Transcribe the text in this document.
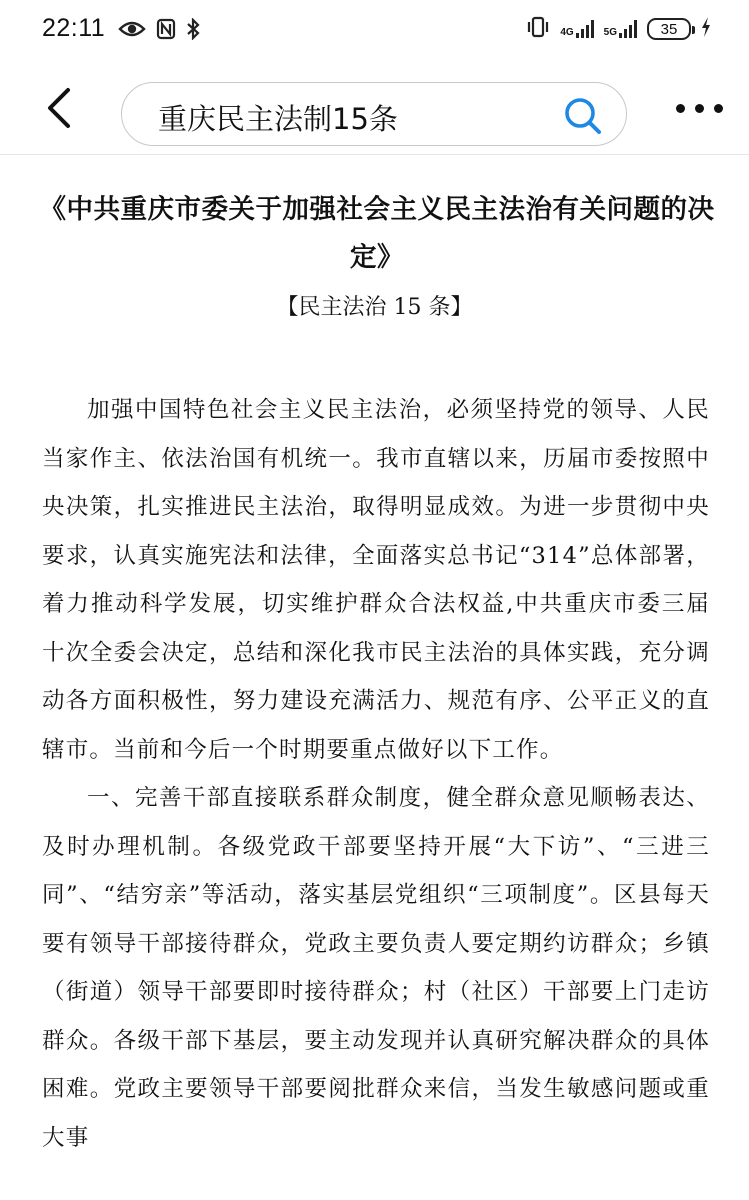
22:11	4G	5G	35
重庆民主法制15条
《中共重庆市委关于加强社会主义民主法治有关问题的决定》
【民主法治 15 条】

加强中国特色社会主义民主法治，必须坚持党的领导、人民当家作主、依法治国有机统一。我市直辖以来，历届市委按照中央决策，扎实推进民主法治，取得明显成效。为进一步贯彻中央要求，认真实施宪法和法律，全面落实总书记“314”总体部署，着力推动科学发展，切实维护群众合法权益,中共重庆市委三届十次全委会决定，总结和深化我市民主法治的具体实践，充分调动各方面积极性，努力建设充满活力、规范有序、公平正义的直辖市。当前和今后一个时期要重点做好以下工作。

一、完善干部直接联系群众制度，健全群众意见顺畅表达、及时办理机制。各级党政干部要坚持开展“大下访”、“三进三同”、“结穷亲”等活动，落实基层党组织“三项制度”。区县每天要有领导干部接待群众，党政主要负责人要定期约访群众；乡镇（街道）领导干部要即时接待群众；村（社区）干部要上门走访群众。各级干部下基层，要主动发现并认真研究解决群众的具体困难。党政主要领导干部要阅批群众来信，当发生敏感问题或重大事
